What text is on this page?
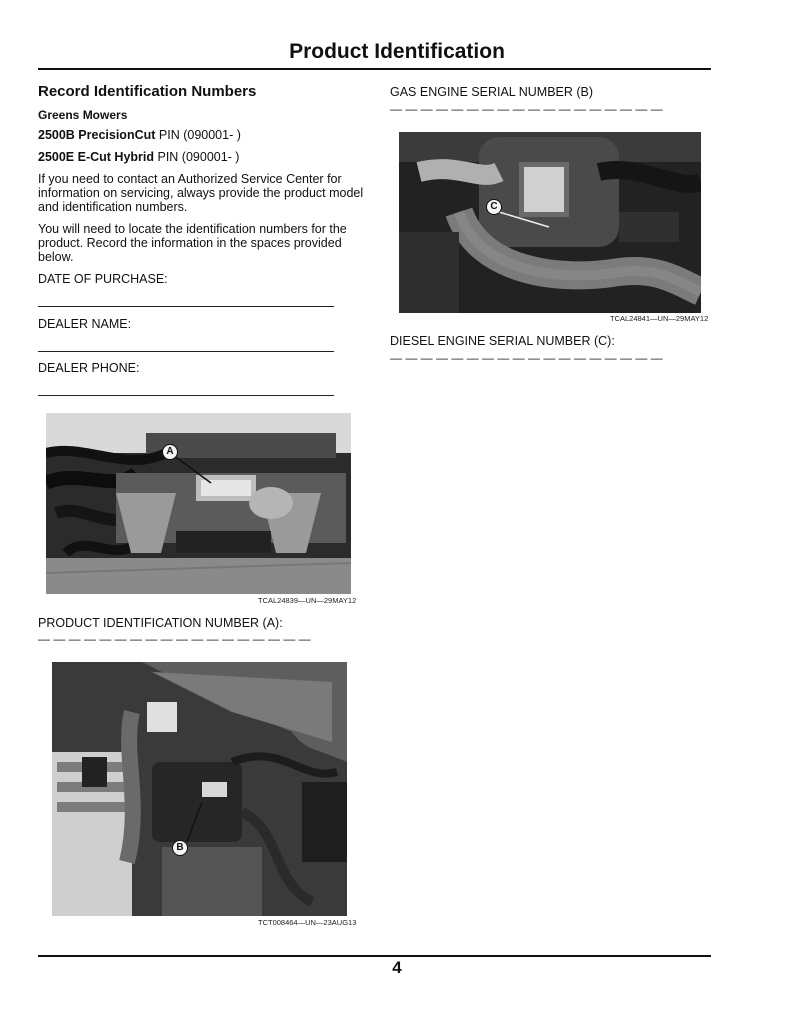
Product Identification
Record Identification Numbers
Greens Mowers
2500B PrecisionCut PIN (090001- )
2500E E-Cut Hybrid PIN (090001- )
If you need to contact an Authorized Service Center for information on servicing, always provide the product model and identification numbers.
You will need to locate the identification numbers for the product. Record the information in the spaces provided below.
DATE OF PURCHASE:
DEALER NAME:
DEALER PHONE:
A
TCAL24839—UN—29MAY12
PRODUCT IDENTIFICATION NUMBER (A):
— — — — — — — — — — — — — — — — — —
B
TCT008464—UN—23AUG13
GAS ENGINE SERIAL NUMBER (B)
— — — — — — — — — — — — — — — — — —
C
TCAL24841—UN—29MAY12
DIESEL ENGINE SERIAL NUMBER (C):
— — — — — — — — — — — — — — — — — —
4
